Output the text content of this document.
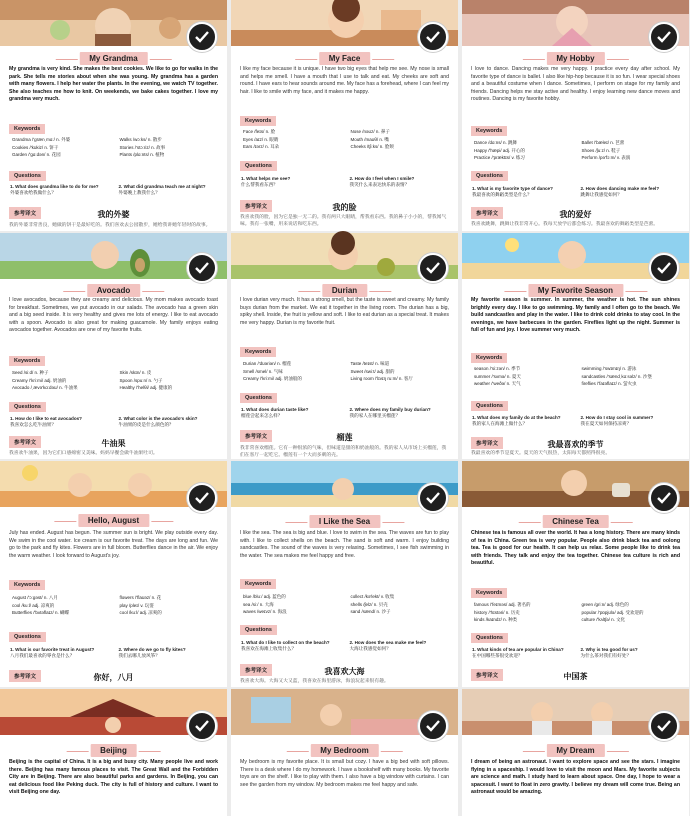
My Grandma
My grandma is very kind. She makes the best cookies. We like to go for walks in the park. She tells me stories about when she was young. My grandma has a garden with many flowers. I help her water the plants. In the evening, we watch TV together. She also teaches me how to knit. On weekends, we bake cakes together. I love my grandma very much.
Keywords
Grandma /'grænˌmɑː/ n. 外婆	Walks /wɔːks/ n. 散步
Cookies /'kʊkiz/ n. 饼干	Stories /'stɔːriz/ n. 故事
Garden /'gɑːdən/ n. 花园	Plants /plɑːnts/ n. 植物
Questions
1. What does grandma like to do for me?
外婆喜欢给我做什么？
2. What did grandma teach me at night?
外婆晚上教我什么？
参考译文	我的外婆
我的外婆非常善良，她做的饼干是最好吃的。我们喜欢去公园散步，她给我讲她年轻时的故事。
My Face
I like my face because it is unique. I have two big eyes that help me see. My nose is small and helps me smell. I have a mouth that I use to talk and eat. My cheeks are soft and round. I have ears to hear sounds around me. My face has a forehead, where I can feel my hair. I like to smile with my face, and it makes me happy.
Keywords
Face /feɪs/ n. 脸	Nose /nəʊz/ n. 鼻子
Eyes /aɪz/ n. 眼睛	Mouth /maʊθ/ n. 嘴
Ears /ɪərz/ n. 耳朵	Cheeks /tʃiːks/ n. 脸颊
Questions
1. What helps me see?
什么帮我看东西？
2. How do I feel when I smile?
我笑什么来表达快乐的表情？
参考译文	我的脸
我喜欢我的脸，因为它是独一无二的。我有两只大眼睛，帮我看东西。我的鼻子小小的，帮我闻气味。我有一张嘴，用来说话和吃东西。
My Hobby
I love to dance. Dancing makes me very happy. I practice every day after school. My favorite type of dance is ballet. I also like hip-hop because it is so fun. I wear special shoes and a beautiful costume when I dance. Sometimes, I perform on stage for my family and friends. Dancing helps me stay active and healthy. I enjoy learning new dance moves and routines. Dancing is my favorite hobby.
Keywords
Dance /dɑːns/ n. 跳舞	Ballet /'bæleɪ/ n. 芭蕾
Happy /'hæpi/ adj. 开心的	Shoes /ʃuːz/ n. 鞋子
Practice /'præktɪs/ v. 练习	Perform /pə'fɔːm/ v. 表演
Questions
1. What is my favorite type of dance?
我最喜欢的舞蹈类型是什么？
2. How does dancing make me feel?
跳舞让我感觉如何？
参考译文	我的爱好
我喜欢跳舞，跳舞让我非常开心。我每天放学后都会练习。我最喜欢的舞蹈类型是芭蕾。
Avocado
I love avocados, because they are creamy and delicious. My mom makes avocado toast for breakfast. Sometimes, we put avocado in our salads. The avocado has a green skin and a big seed inside. It is very healthy and gives me lots of energy. I like to eat avocado with a spoon. Avocado is also great for making guacamole. My family enjoys eating avocados together. Avocados are one of my favorite fruits.
Keywords
Seed /siːd/ n. 种子	Skin /skɪn/ n. 皮
Creamy /'kriːmi/ adj. 奶油的	Spoon /spuːn/ n. 勺子
Avocado /ˌævə'kɑːdəʊ/ n. 牛油果	Healthy /'helθi/ adj. 健康的
Questions
1. How do I like to eat avocados?
我喜欢怎么吃牛油果？
2. What color is the avocado's skin?
牛油果的皮是什么颜色的？
参考译文	牛油果
我喜欢牛油果，因为它们口感绵密又美味。妈妈早餐会做牛油果吐司。
Durian
I love durian very much. It has a strong smell, but the taste is sweet and creamy. My family buys durian from the market. We eat it together in the living room. The durian has a big, spiky shell. Inside, the fruit is yellow and soft. I like to eat durian as a special treat. It makes me very happy. Durian is my favorite fruit.
Keywords
Durian /'dʊəriən/ n. 榴莲	Taste /teɪst/ n. 味道
Smell /smel/ n. 气味	Sweet /swiːt/ adj. 甜的
Creamy /'kriːmi/ adj. 奶油般的	Living room /'lɪvɪŋ ruːm/ n. 客厅
Questions
1. What does durian taste like?
榴莲尝起来怎么样？
2. Where does my family buy durian?
我的家人在哪里买榴莲？
参考译文	榴莲
我非常喜欢榴莲。它有一种很浓的气味，但味道是甜的和奶油般的。我的家人从市场上买榴莲，我们在客厅一起吃它。榴莲有一个大而多刺的壳。
My Favorite Season
My favorite season is summer. In summer, the weather is hot. The sun shines brightly every day. I like to go swimming. My family and I often go to the beach. We build sandcastles and play in the water. I like to drink cold drinks to stay cool. In the evenings, we have barbecues in the garden. Fireflies light up the night. Summer is full of fun and joy. I love summer very much.
Keywords
season /'siːzən/ n. 季节	swimming /'swɪmɪŋ/ n. 游泳
summer /'sʌmə/ n. 夏天	sandcastles /'sændˌkɑːsəlz/ n. 沙堡
weather /'weðə/ n. 天气	fireflies /'faɪəflaɪz/ n. 萤火虫
Questions
1. What does my family do at the beach?
我的家人在海滩上做什么？
2. How do I stay cool in summer?
我在夏天如何保持凉爽？
参考译文	我最喜欢的季节
我最喜欢的季节是夏天。夏天的天气很热，太阳每天都照得很亮。
Hello, August
July has ended. August has begun. The summer sun is bright. We play outside every day. We swim in the cool water. Ice cream is our favorite treat. The days are long and fun. We go to the park and fly kites. Flowers are in full bloom. Butterflies dance in the air. We enjoy the warm weather. I look forward to August's joy.
Keywords
August /'ɔːgəst/ n. 八月	flowers /'flaʊəz/ n. 花
cool /kuːl/ adj. 凉爽的	play /pleɪ/ v. 玩耍
Butterflies /'bʌtəflaɪz/ n. 蝴蝶	cool /kuːl/ adj. 凉爽的
Questions
1. What is our favorite treat in August?
八月我们最喜欢的零食是什么？
2. Where do we go to fly kites?
我们去哪儿放风筝？
参考译文	你好，八月
I Like the Sea
I like the sea. The sea is big and blue. I love to swim in the sea. The waves are fun to play with. I like to collect shells on the beach. The sand is soft and warm. I enjoy building sandcastles. The sound of the waves is very relaxing. Sometimes, I see fish swimming in the water. The sea makes me feel happy and free.
Keywords
blue /bluː/ adj. 蓝色的	collect /kə'lekt/ v. 收集
sea /siː/ n. 大海	shells /ʃelz/ n. 贝壳
waves /weɪvz/ n. 海浪	sand /sænd/ n. 沙子
Questions
1. What do I like to collect on the beach?
我喜欢在海滩上收集什么？
2. How does the sea make me feel?
大海让我感觉如何？
参考译文	我喜欢大海
我喜欢大海。大海又大又蓝，我喜欢在海里游泳，海浪玩起来很有趣。
Chinese Tea
Chinese tea is famous all over the world. It has a long history. There are many kinds of tea in China. Green tea is very popular. People also drink black tea and oolong tea. Tea is good for our health. It can help us relax. Some people like to drink tea with friends. They talk and enjoy the tea together. Chinese tea culture is rich and beautiful.
Keywords
famous /'feɪməs/ adj. 著名的	green /griːn/ adj. 绿色的
history /'hɪstəri/ n. 历史	popular /'pɒpjʊlə/ adj. 受欢迎的
kinds /kaɪndz/ n. 种类	culture /'kʌltʃə/ n. 文化
Questions
1. What kinds of tea are popular in China?
在中国哪些茶很受欢迎？
2. Why is tea good for us?
为什么茶对我们有好处？
参考译文	中国茶
Beijing
Beijing is the capital of China. It is a big and busy city. Many people live and work there. Beijing has many famous places to visit. The Great Wall and the Forbidden City are in Beijing. There are also beautiful parks and gardens. In Beijing, you can eat delicious food like Peking duck. The city is full of history and culture. I want to visit Beijing one day.
My Bedroom
My bedroom is my favorite place. It is small but cozy. I have a big bed with soft pillows. There is a desk where I do my homework. I have a bookshelf with many books. My favorite toys are on the shelf. I like to play with them. I also have a big window with curtains. I can see the garden from my window. My bedroom makes me feel happy and safe.
My Dream
I dream of being an astronaut. I want to explore space and see the stars. I imagine flying in a spaceship. I would love to visit the moon and Mars. My favorite subjects are science and math. I study hard to learn about space. One day, I hope to wear a spacesuit. I want to float in zero gravity. I believe my dream will come true. Being an astronaut would be amazing.
